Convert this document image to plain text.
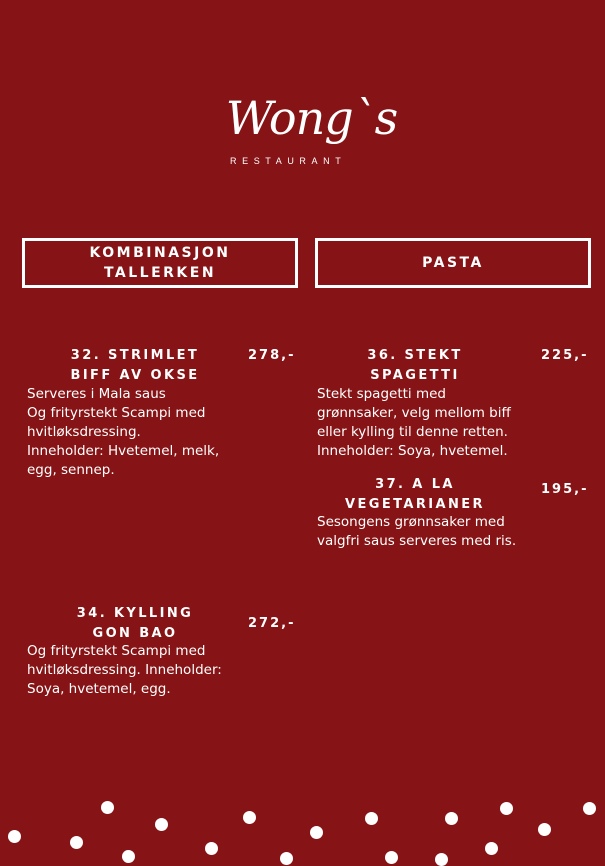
Wong`s
RESTAURANT
KOMBINASJON
TALLERKEN
PASTA
32. STRIMLET
BIFF AV OKSE
278,-
Serveres i Mala saus
Og frityrstekt Scampi med
hvitløksdressing.
Inneholder: Hvetemel, melk,
egg, sennep.
34. KYLLING
GON BAO
272,-
Og frityrstekt Scampi med
hvitløksdressing. Inneholder:
Soya, hvetemel, egg.
36. STEKT
SPAGETTI
225,-
Stekt spagetti med
grønnsaker, velg mellom biff
eller kylling til denne retten.
Inneholder: Soya, hvetemel.
37. A LA
VEGETARIANER
195,-
Sesongens grønnsaker med
valgfri saus serveres med ris.
